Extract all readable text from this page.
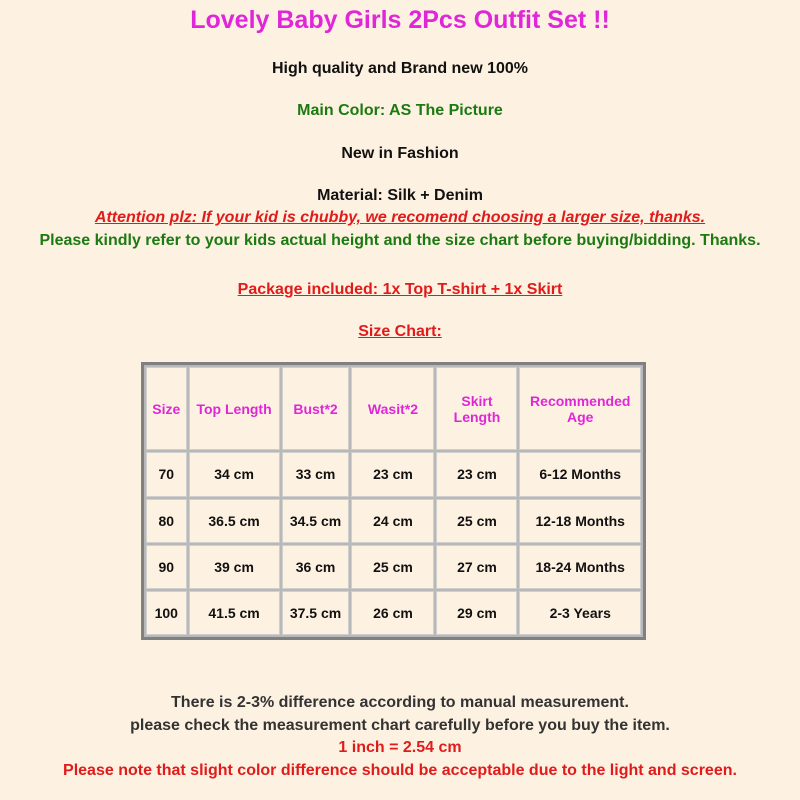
Lovely Baby Girls 2Pcs Outfit Set !!
High quality and Brand new 100%
Main Color: AS The Picture
New in Fashion
Material: Silk + Denim
Attention plz: If your kid is chubby, we recomend choosing a larger size, thanks.
Please kindly refer to your kids actual height and the size chart before buying/bidding. Thanks.
Package included: 1x Top T-shirt + 1x Skirt
Size Chart:
Size	Top Length	Bust*2	Wasit*2	Skirt Length	Recommended Age
70	34 cm	33 cm	23 cm	23 cm	6-12 Months
80	36.5 cm	34.5 cm	24 cm	25 cm	12-18 Months
90	39 cm	36 cm	25 cm	27 cm	18-24 Months
100	41.5 cm	37.5 cm	26 cm	29 cm	2-3 Years
There is 2-3% difference according to manual measurement.
please check the measurement chart carefully before you buy the item.
1 inch = 2.54 cm
Please note that slight color difference should be acceptable due to the light and screen.
